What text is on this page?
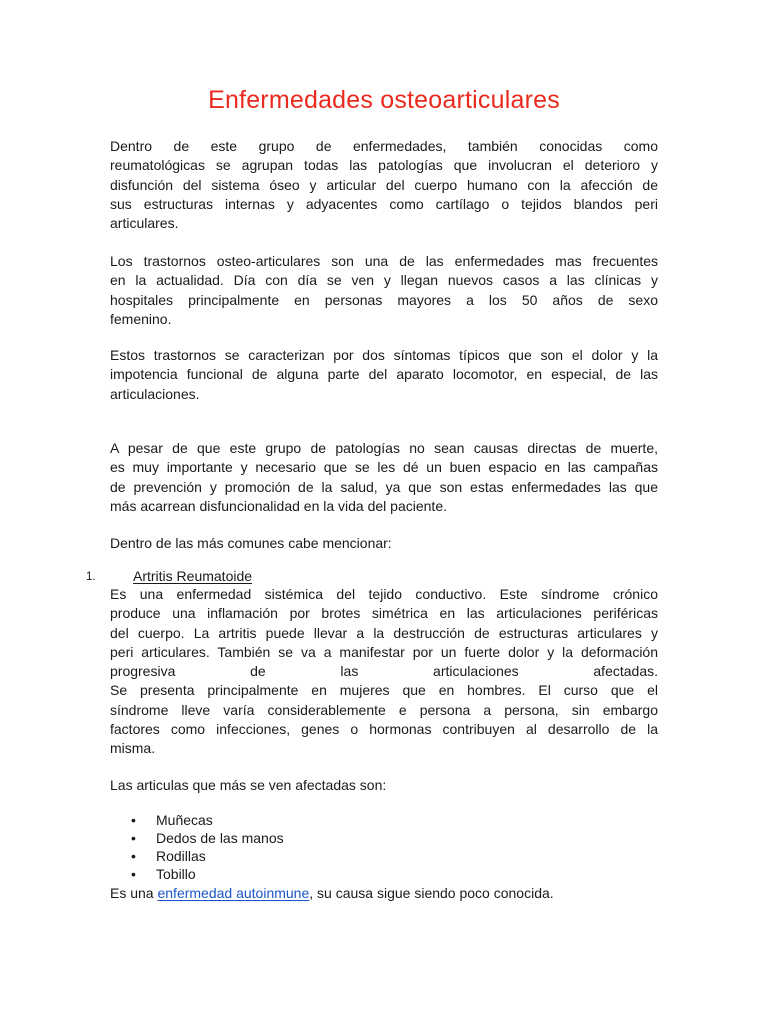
Enfermedades osteoarticulares

Dentro de este grupo de enfermedades, también conocidas como
reumatológicas se agrupan todas las patologías que involucran el deterioro y
disfunción del sistema óseo y articular del cuerpo humano con la afección de
sus estructuras internas y adyacentes como cartílago o tejidos blandos peri
articulares.

Los trastornos osteo-articulares son una de las enfermedades mas frecuentes
en la actualidad. Día con día se ven y llegan nuevos casos a las clínicas y
hospitales principalmente en personas mayores a los 50 años de sexo
femenino.

Estos trastornos se caracterizan por dos síntomas típicos que son el dolor y la
impotencia funcional de alguna parte del aparato locomotor, en especial, de las
articulaciones.

A pesar de que este grupo de patologías no sean causas directas de muerte,
es muy importante y necesario que se les dé un buen espacio en las campañas
de prevención y promoción de la salud, ya que son estas enfermedades las que
más acarrean disfuncionalidad en la vida del paciente.

Dentro de las más comunes cabe mencionar:

1.	Artritis Reumatoide

Es una enfermedad sistémica del tejido conductivo. Este síndrome crónico
produce una inflamación por brotes simétrica en las articulaciones periféricas
del cuerpo. La artritis puede llevar a la destrucción de estructuras articulares y
peri articulares. También se va a manifestar por un fuerte dolor y la deformación
progresiva de las articulaciones afectadas.
Se presenta principalmente en mujeres que en hombres. El curso que el
síndrome lleve varía considerablemente e persona a persona, sin embargo
factores como infecciones, genes o hormonas contribuyen al desarrollo de la
misma.

Las articulas que más se ven afectadas son:

• Muñecas
• Dedos de las manos
• Rodillas
• Tobillo

Es una enfermedad autoinmune, su causa sigue siendo poco conocida.
